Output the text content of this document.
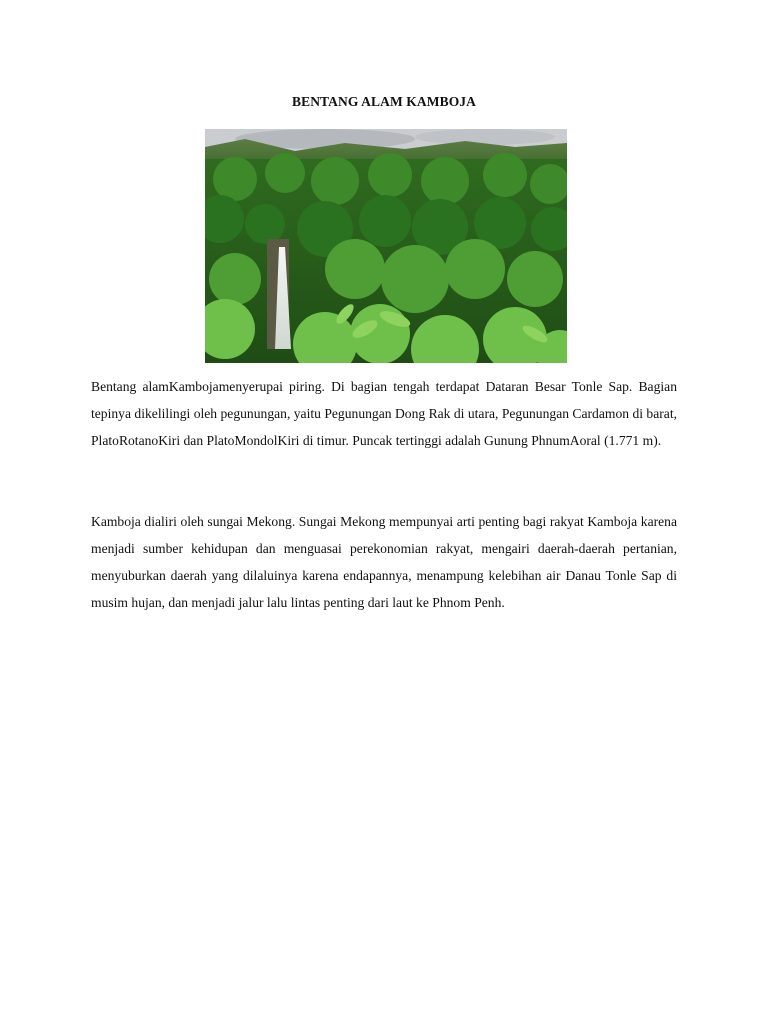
BENTANG ALAM KAMBOJA

Bentang alamKambojamenyerupai piring. Di bagian tengah terdapat Dataran Besar Tonle Sap. Bagian tepinya dikelilingi oleh pegunungan, yaitu Pegunungan Dong Rak di utara, Pegunungan Cardamon di barat, PlatoRotanoKiri dan PlatoMondolKiri di timur. Puncak tertinggi adalah Gunung PhnumAoral (1.771 m).

Kamboja dialiri oleh sungai Mekong. Sungai Mekong mempunyai arti penting bagi rakyat Kamboja karena menjadi sumber kehidupan dan menguasai perekonomian rakyat, mengairi daerah-daerah pertanian, menyuburkan daerah yang dilaluinya karena endapannya, menampung kelebihan air Danau Tonle Sap di musim hujan, dan menjadi jalur lalu lintas penting dari laut ke Phnom Penh.
